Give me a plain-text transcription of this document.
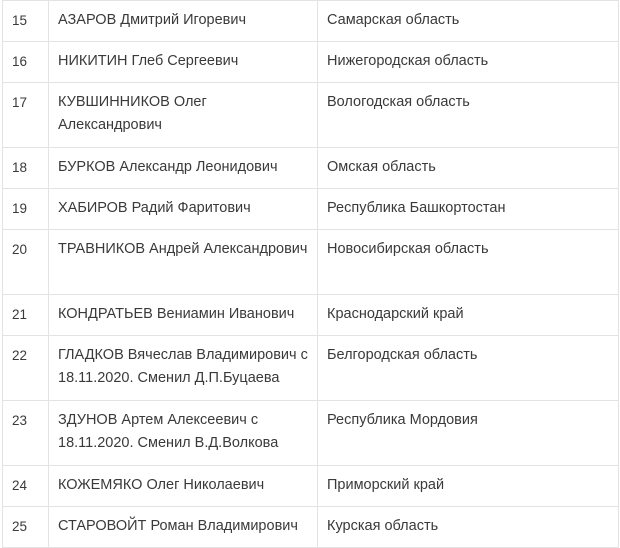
15	АЗАРОВ Дмитрий Игоревич	Самарская область
16	НИКИТИН Глеб Сергеевич	Нижегородская область
17	КУВШИННИКОВ Олег Александрович	Вологодская область
18	БУРКОВ Александр Леонидович	Омская область
19	ХАБИРОВ Радий Фаритович	Республика Башкортостан
20	ТРАВНИКОВ Андрей Александрович	Новосибирская область
21	КОНДРАТЬЕВ Вениамин Иванович	Краснодарский край
22	ГЛАДКОВ Вячеслав Владимирович с 18.11.2020. Сменил Д.П.Буцаева	Белгородская область
23	ЗДУНОВ Артем Алексеевич с 18.11.2020. Сменил В.Д.Волкова	Республика Мордовия
24	КОЖЕМЯКО Олег Николаевич	Приморский край
25	СТАРОВОЙТ Роман Владимирович	Курская область
